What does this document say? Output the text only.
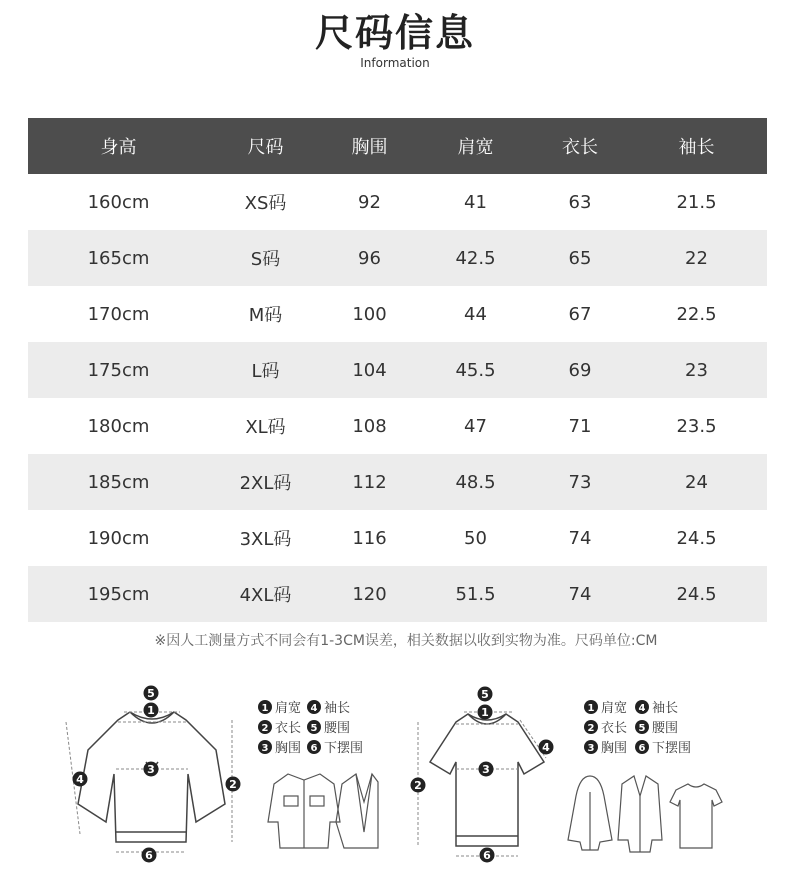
尺码信息
Information
身高	尺码	胸围	肩宽	衣长	袖长
160cm	XS码	92	41	63	21.5
165cm	S码	96	42.5	65	22
170cm	M码	100	44	67	22.5
175cm	L码	104	45.5	69	23
180cm	XL码	108	47	71	23.5
185cm	2XL码	112	48.5	73	24
190cm	3XL码	116	50	74	24.5
195cm	4XL码	120	51.5	74	24.5
※因人工测量方式不同会有1-3CM误差，相关数据以收到实物为准。尺码单位:CM
5
1
3
2
4
6
1 肩宽 4 袖长
2 衣长 5 腰围
3 胸围 6 下摆围
5
1
3
2
4
6
1 肩宽 4 袖长
2 衣长 5 腰围
3 胸围 6 下摆围
